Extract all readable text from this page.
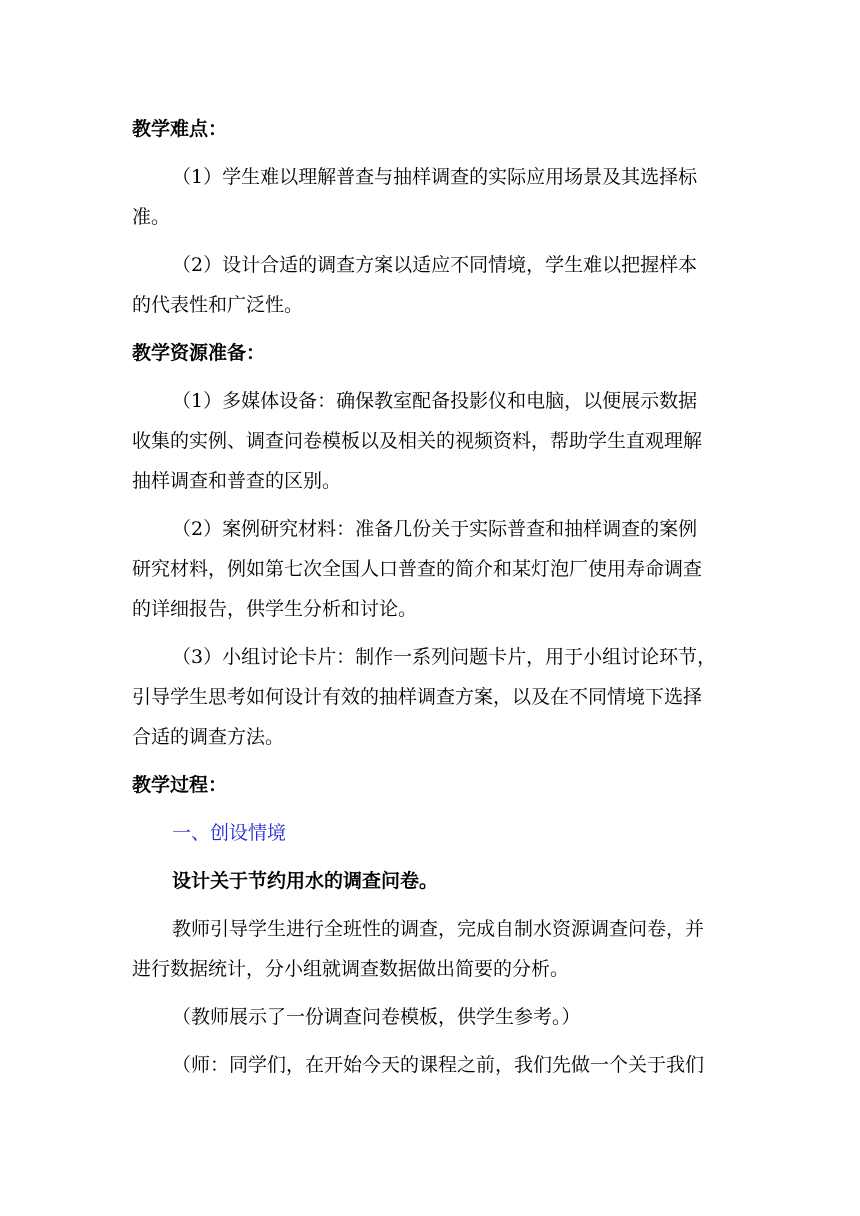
教学难点：

（1）学生难以理解普查与抽样调查的实际应用场景及其选择标

准。

（2）设计合适的调查方案以适应不同情境，学生难以把握样本

的代表性和广泛性。

教学资源准备：

（1）多媒体设备：确保教室配备投影仪和电脑，以便展示数据

收集的实例、调查问卷模板以及相关的视频资料，帮助学生直观理解

抽样调查和普查的区别。

（2）案例研究材料：准备几份关于实际普查和抽样调查的案例

研究材料，例如第七次全国人口普查的简介和某灯泡厂使用寿命调查

的详细报告，供学生分析和讨论。

（3）小组讨论卡片：制作一系列问题卡片，用于小组讨论环节，

引导学生思考如何设计有效的抽样调查方案，以及在不同情境下选择

合适的调查方法。

教学过程：

一、创设情境

设计关于节约用水的调查问卷。

教师引导学生进行全班性的调查，完成自制水资源调查问卷，并

进行数据统计，分小组就调查数据做出简要的分析。

（教师展示了一份调查问卷模板，供学生参考。）

（师：同学们，在开始今天的课程之前，我们先做一个关于我们
